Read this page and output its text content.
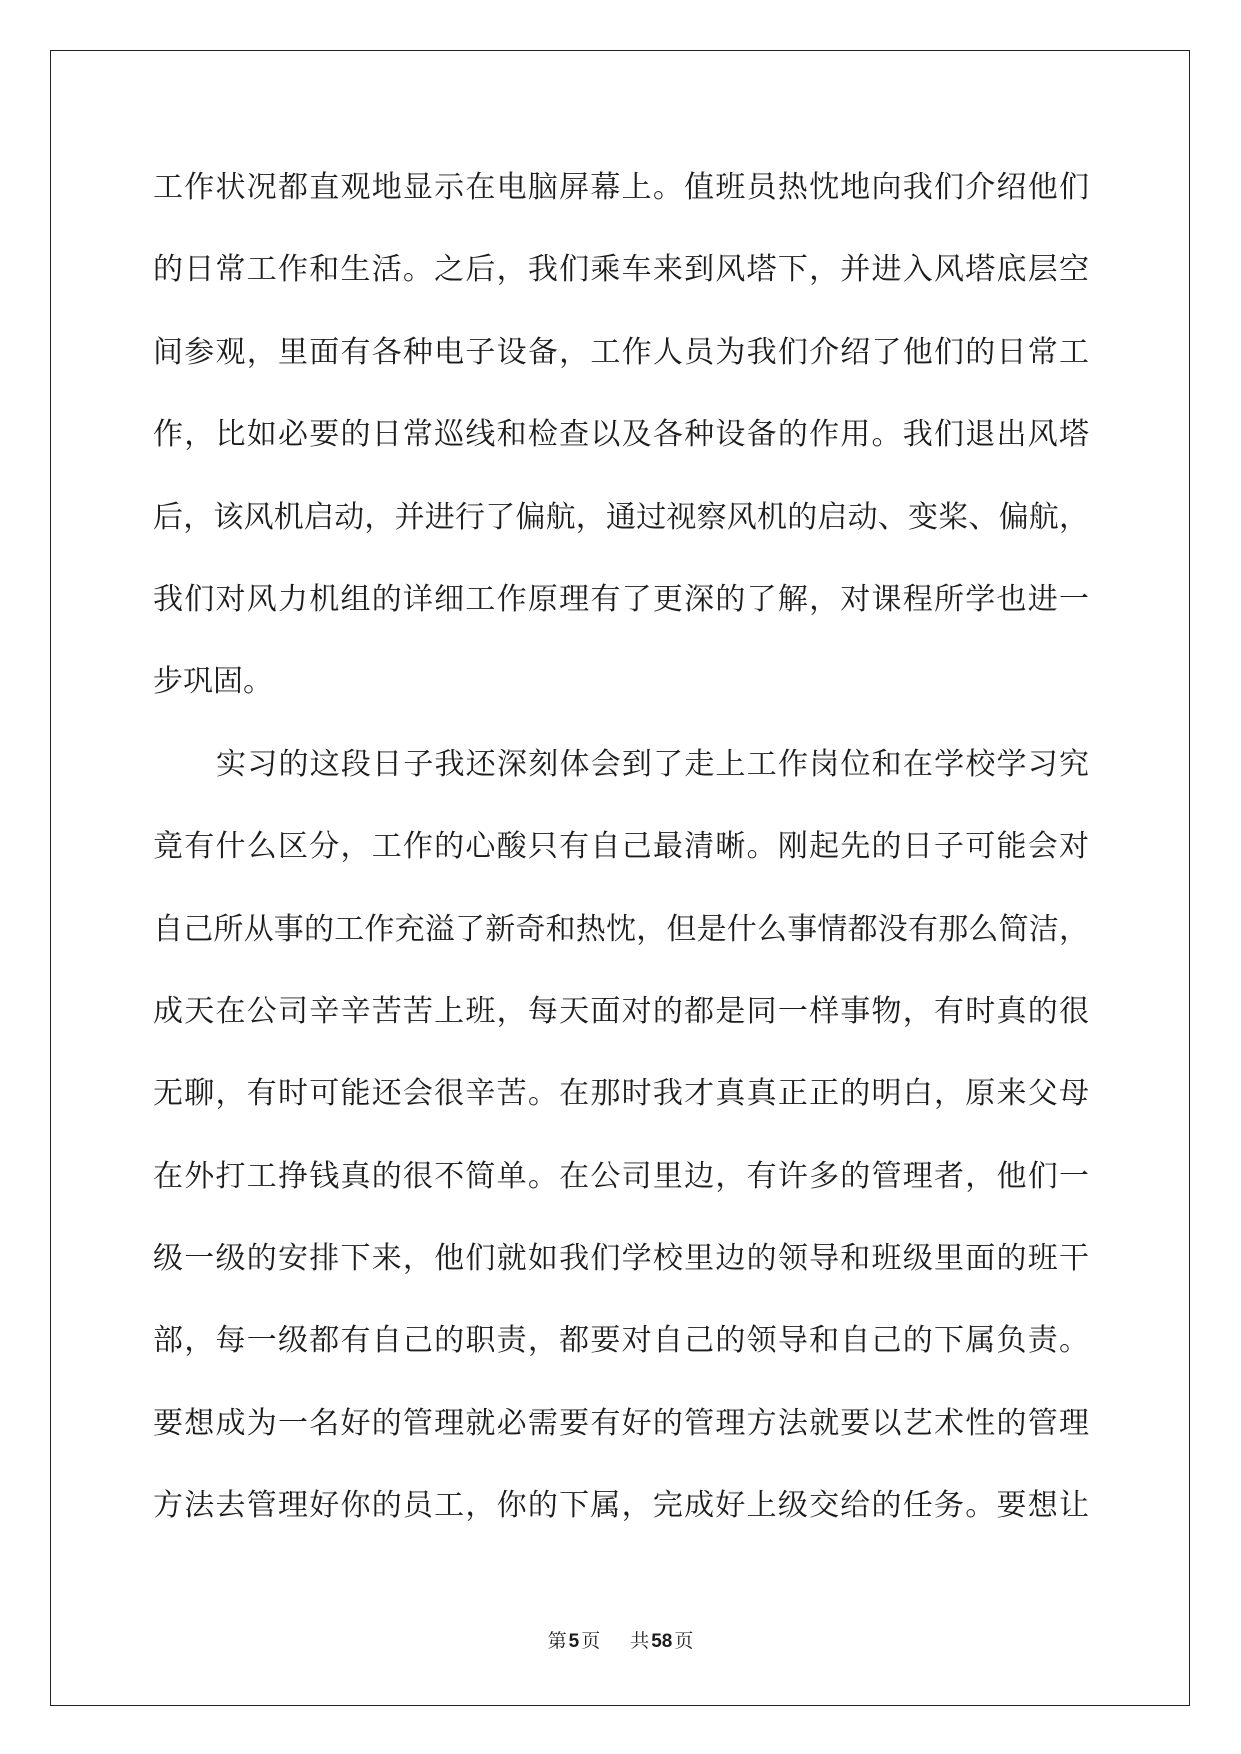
工作状况都直观地显示在电脑屏幕上。值班员热忱地向我们介绍他们
的日常工作和生活。之后，我们乘车来到风塔下，并进入风塔底层空
间参观，里面有各种电子设备，工作人员为我们介绍了他们的日常工
作，比如必要的日常巡线和检查以及各种设备的作用。我们退出风塔
后，该风机启动，并进行了偏航，通过视察风机的启动、变桨、偏航，
我们对风力机组的详细工作原理有了更深的了解，对课程所学也进一
步巩固。
实习的这段日子我还深刻体会到了走上工作岗位和在学校学习究
竟有什么区分，工作的心酸只有自己最清晰。刚起先的日子可能会对
自己所从事的工作充溢了新奇和热忱，但是什么事情都没有那么简洁，
成天在公司辛辛苦苦上班，每天面对的都是同一样事物，有时真的很
无聊，有时可能还会很辛苦。在那时我才真真正正的明白，原来父母
在外打工挣钱真的很不简单。在公司里边，有许多的管理者，他们一
级一级的安排下来，他们就如我们学校里边的领导和班级里面的班干
部，每一级都有自己的职责，都要对自己的领导和自己的下属负责。
要想成为一名好的管理就必需要有好的管理方法就要以艺术性的管理
方法去管理好你的员工，你的下属，完成好上级交给的任务。要想让
第 5 页 共 58 页
